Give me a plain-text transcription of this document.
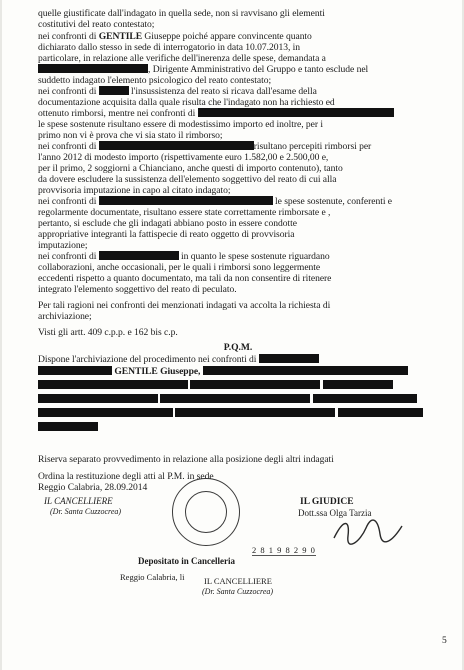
quelle giustificate dall'indagato in quella sede, non si ravvisano gli elementi
costitutivi del reato contestato;
nei confronti di GENTILE Giuseppe poiché appare convincente quanto
dichiarato dallo stesso in sede di interrogatorio in data 10.07.2013, in
particolare, in relazione alle verifiche dell'inerenza delle spese, demandata a
, Dirigente Amministrativo del Gruppo e tanto esclude nel
suddetto indagato l'elemento psicologico del reato contestato;
nei confronti di	l'insussistenza del reato si ricava dall'esame della
documentazione acquisita dalla quale risulta che l'indagato non ha richiesto ed
ottenuto rimborsi, mentre nei confronti di
le spese sostenute risultano essere di modestissimo importo ed inoltre, per i
primo non vi è prova che vi sia stato il rimborso;
nei confronti di	risultano percepiti rimborsi per
l'anno 2012 di modesto importo (rispettivamente euro 1.582,00 e 2.500,00 e,
per il primo, 2 soggiorni a Chianciano, anche questi di importo contenuto), tanto
da dovere escludere la sussistenza dell'elemento soggettivo del reato di cui alla
provvisoria imputazione in capo al citato indagato;
nei confronti di	le spese sostenute, conferenti e
regolarmente documentate, risultano essere state correttamente rimborsate e ,
pertanto, si esclude che gli indagati abbiano posto in essere condotte
appropriative integranti la fattispecie di reato oggetto di provvisoria
imputazione;
nei confronti di	in quanto le spese sostenute riguardano
collaborazioni, anche occasionali, per le quali i rimborsi sono leggermente
eccedenti rispetto a quanto documentato, ma tali da non consentire di ritenere
integrato l'elemento soggettivo del reato di peculato.
Per tali ragioni nei confronti dei menzionati indagati va accolta la richiesta di
archiviazione;
Visti gli artt. 409 c.p.p. e 162 bis c.p.
P.Q.M.
Dispone l'archiviazione del procedimento nei confronti di
GENTILE Giuseppe,

Riserva separato provvedimento in relazione alla posizione degli altri indagati
Ordina la restituzione degli atti al P.M. in sede
Reggio Calabria, 28.09.2014
IL CANCELLIERE
(Dr. Santa Cuzzocrea)
IL GIUDICE
Dott.ssa Olga Tarzia
Depositato in Cancelleria
2 8 1 9 8 2 9 0
Reggio Calabria, li IL CANCELLIERE
(Dr. Santa Cuzzocrea)
5
